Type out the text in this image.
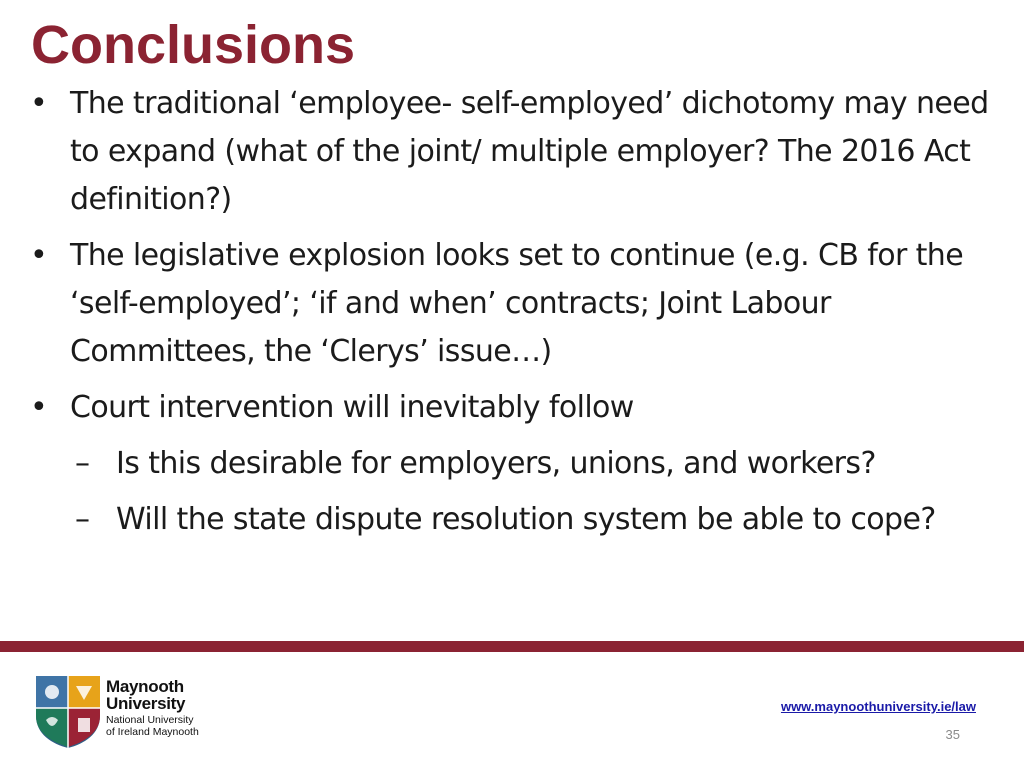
Conclusions
• The traditional ‘employee- self-employed’ dichotomy may need to expand (what of the joint/ multiple employer? The 2016 Act definition?)
• The legislative explosion looks set to continue (e.g. CB for the ‘self-employed’; ‘if and when’ contracts; Joint Labour Committees, the ‘Clerys’ issue…)
• Court intervention will inevitably follow
– Is this desirable for employers, unions, and workers?
– Will the state dispute resolution system be able to cope?
Maynooth
University
National University
of Ireland Maynooth
www.maynoothuniversity.ie/law
35
